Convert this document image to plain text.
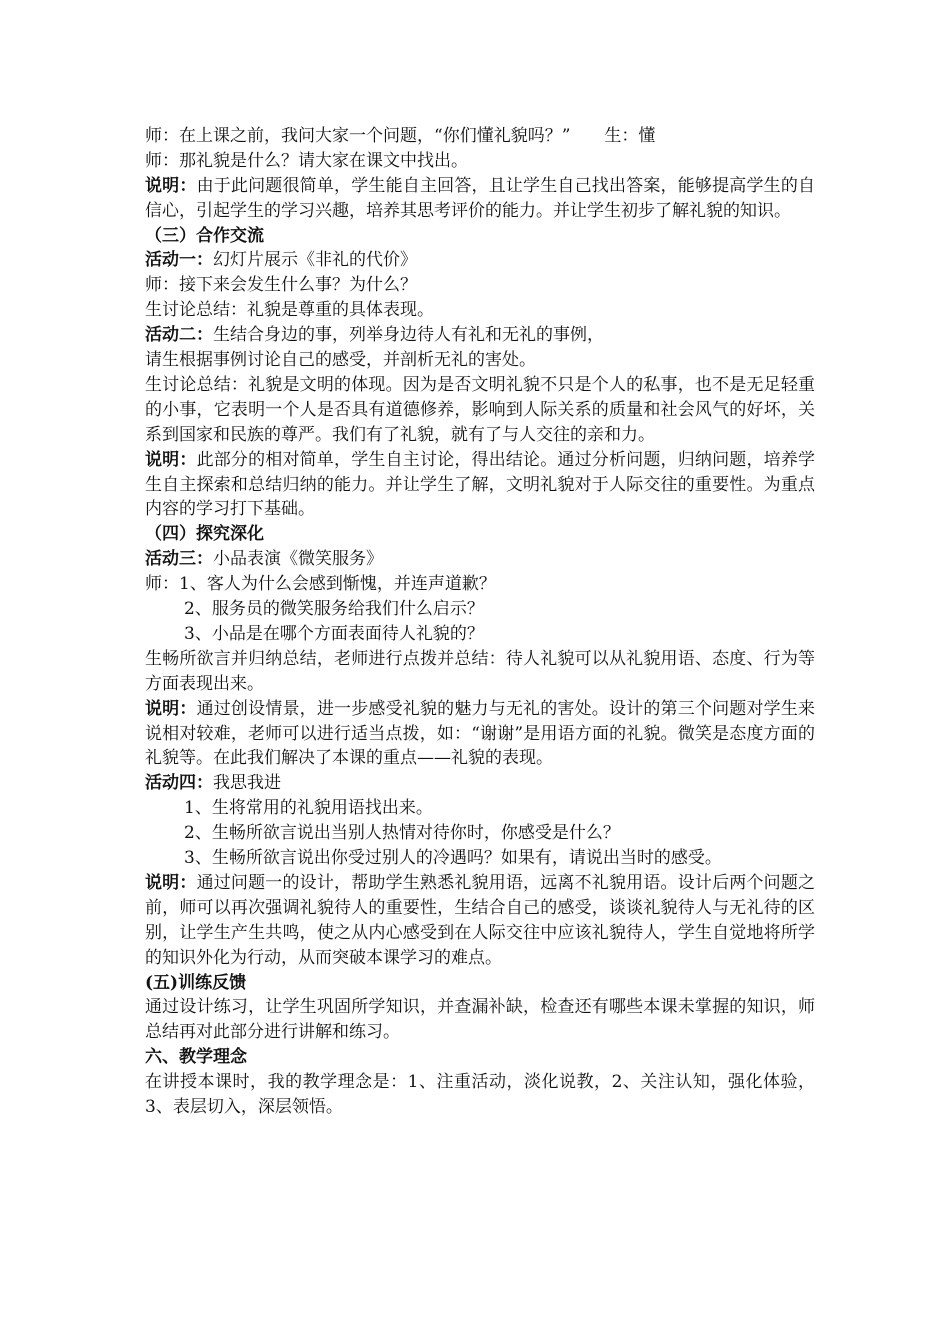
师：在上课之前，我问大家一个问题，“你们懂礼貌吗？” 生：懂
师：那礼貌是什么？请大家在课文中找出。
说明：由于此问题很简单，学生能自主回答，且让学生自己找出答案，能够提高学生的自信心，引起学生的学习兴趣，培养其思考评价的能力。并让学生初步了解礼貌的知识。
（三）合作交流
活动一：幻灯片展示《非礼的代价》
师：接下来会发生什么事？为什么？
生讨论总结：礼貌是尊重的具体表现。
活动二：生结合身边的事，列举身边待人有礼和无礼的事例，
请生根据事例讨论自己的感受，并剖析无礼的害处。
生讨论总结：礼貌是文明的体现。因为是否文明礼貌不只是个人的私事，也不是无足轻重的小事，它表明一个人是否具有道德修养，影响到人际关系的质量和社会风气的好坏，关系到国家和民族的尊严。我们有了礼貌，就有了与人交往的亲和力。
说明：此部分的相对简单，学生自主讨论，得出结论。通过分析问题，归纳问题，培养学生自主探索和总结归纳的能力。并让学生了解，文明礼貌对于人际交往的重要性。为重点内容的学习打下基础。
（四）探究深化
活动三：小品表演《微笑服务》
师：1、客人为什么会感到惭愧，并连声道歉？
2、服务员的微笑服务给我们什么启示？
3、小品是在哪个方面表面待人礼貌的？
生畅所欲言并归纳总结，老师进行点拨并总结：待人礼貌可以从礼貌用语、态度、行为等方面表现出来。
说明：通过创设情景，进一步感受礼貌的魅力与无礼的害处。设计的第三个问题对学生来说相对较难，老师可以进行适当点拨，如：“谢谢”是用语方面的礼貌。微笑是态度方面的礼貌等。在此我们解决了本课的重点——礼貌的表现。
活动四：我思我进
1、生将常用的礼貌用语找出来。
2、生畅所欲言说出当别人热情对待你时，你感受是什么？
3、生畅所欲言说出你受过别人的冷遇吗？如果有，请说出当时的感受。
说明：通过问题一的设计，帮助学生熟悉礼貌用语，远离不礼貌用语。设计后两个问题之前，师可以再次强调礼貌待人的重要性，生结合自己的感受，谈谈礼貌待人与无礼待的区别，让学生产生共鸣，使之从内心感受到在人际交往中应该礼貌待人，学生自觉地将所学的知识外化为行动，从而突破本课学习的难点。
(五)训练反馈
通过设计练习，让学生巩固所学知识，并查漏补缺，检查还有哪些本课未掌握的知识，师总结再对此部分进行讲解和练习。
六、教学理念
在讲授本课时，我的教学理念是：1、注重活动，淡化说教，2、关注认知，强化体验，3、表层切入，深层领悟。
